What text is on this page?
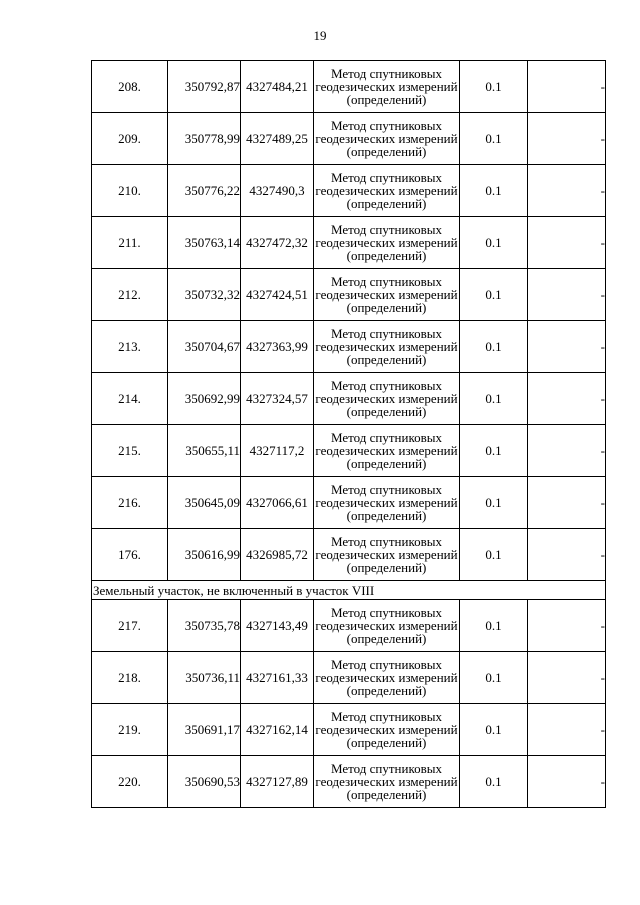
19
208.	350792,87	4327484,21	Метод спутниковых
геодезических измерений
(определений)	0.1	-
209.	350778,99	4327489,25	Метод спутниковых
геодезических измерений
(определений)	0.1	-
210.	350776,22	4327490,3	Метод спутниковых
геодезических измерений
(определений)	0.1	-
211.	350763,14	4327472,32	Метод спутниковых
геодезических измерений
(определений)	0.1	-
212.	350732,32	4327424,51	Метод спутниковых
геодезических измерений
(определений)	0.1	-
213.	350704,67	4327363,99	Метод спутниковых
геодезических измерений
(определений)	0.1	-
214.	350692,99	4327324,57	Метод спутниковых
геодезических измерений
(определений)	0.1	-
215.	350655,11	4327117,2	Метод спутниковых
геодезических измерений
(определений)	0.1	-
216.	350645,09	4327066,61	Метод спутниковых
геодезических измерений
(определений)	0.1	-
176.	350616,99	4326985,72	Метод спутниковых
геодезических измерений
(определений)	0.1	-
Земельный участок, не включенный в участок VIII					
217.	350735,78	4327143,49	Метод спутниковых
геодезических измерений
(определений)	0.1	-
218.	350736,11	4327161,33	Метод спутниковых
геодезических измерений
(определений)	0.1	-
219.	350691,17	4327162,14	Метод спутниковых
геодезических измерений
(определений)	0.1	-
220.	350690,53	4327127,89	Метод спутниковых
геодезических измерений
(определений)	0.1	-
